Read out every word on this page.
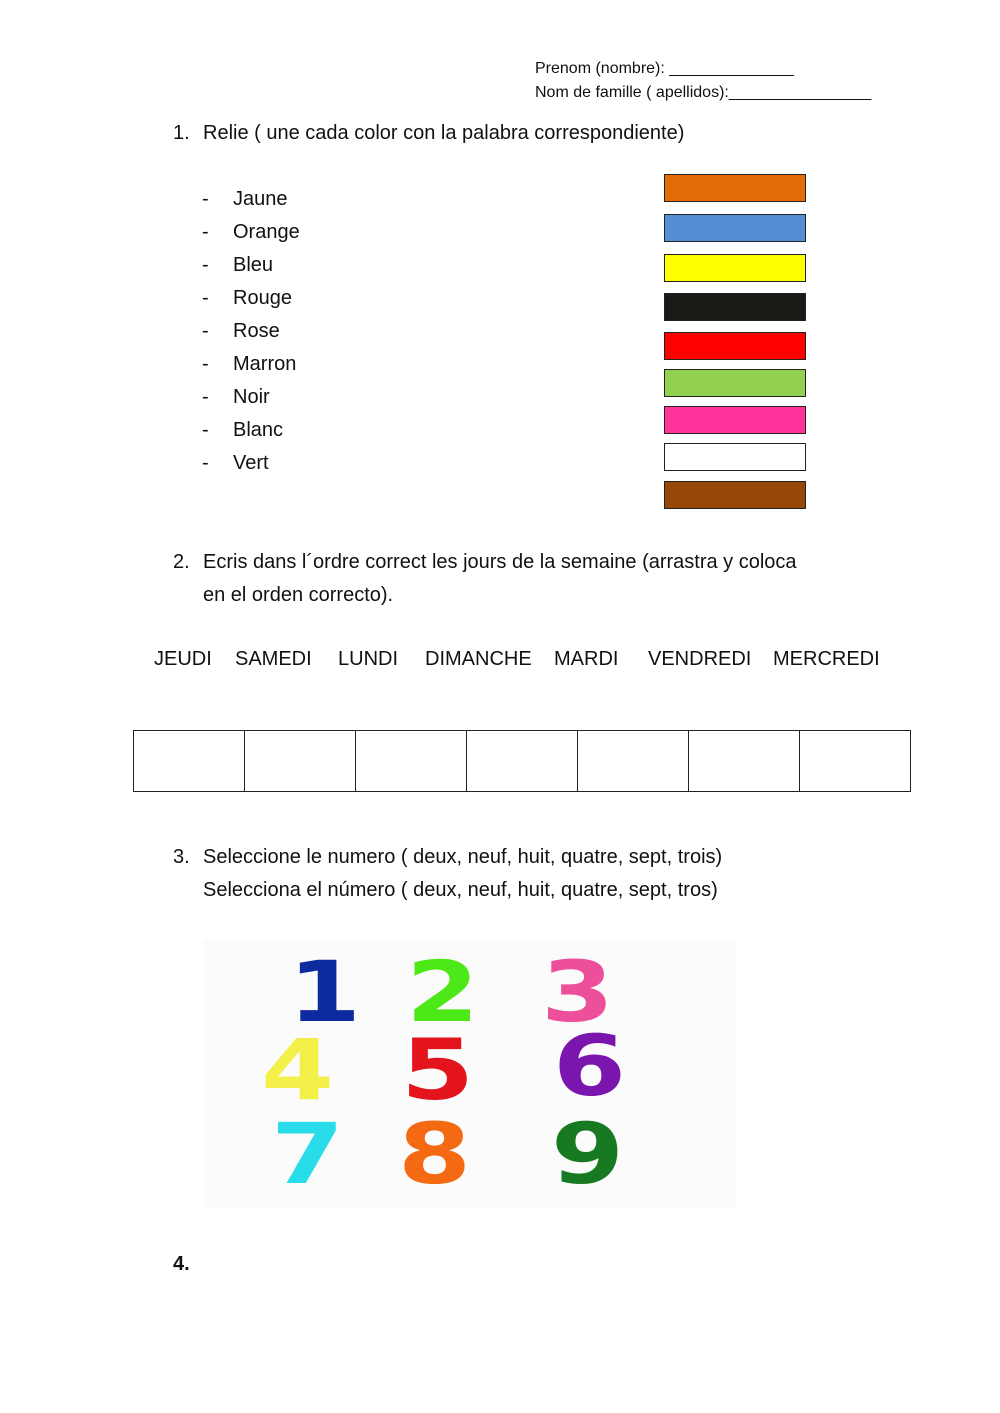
Prenom (nombre): ______________
Nom de famille ( apellidos):________________
1. Relie ( une cada color con la palabra correspondiente)
- Jaune
- Orange
- Bleu
- Rouge
- Rose
- Marron
- Noir
- Blanc
- Vert
2. Ecris dans l´ordre correct les jours de la semaine (arrastra y coloca
en el orden correcto).
JEUDI SAMEDI LUNDI DIMANCHE MARDI VENDREDI MERCREDI
3. Seleccione le numero ( deux, neuf, huit, quatre, sept, trois)
Selecciona el número ( deux, neuf, huit, quatre, sept, tros)
1 2 3
4 5 6
7 8 9
4.
